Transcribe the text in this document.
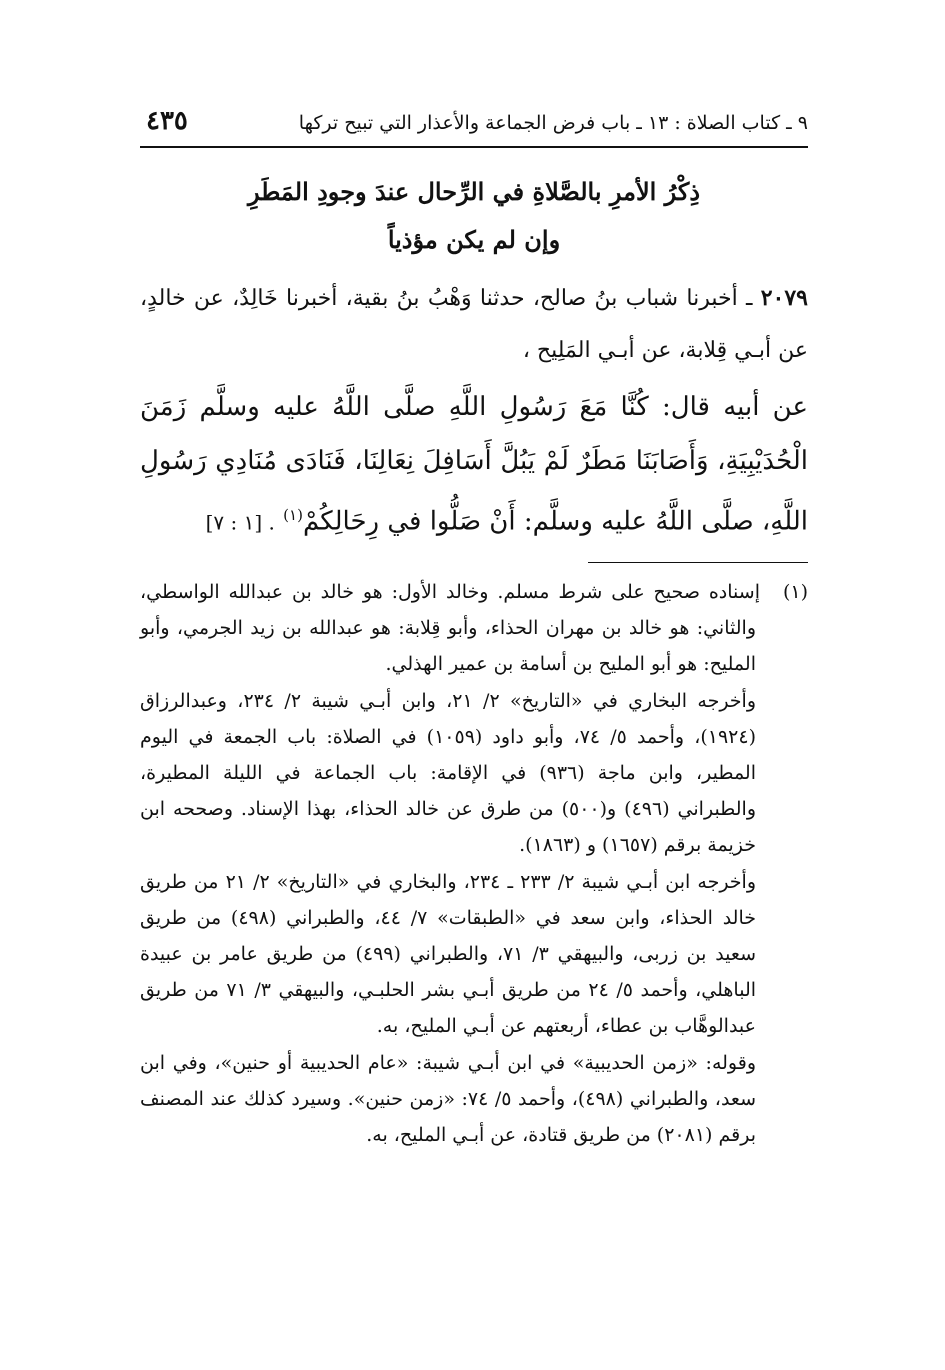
٩ ـ كتاب الصلاة : ١٣ ـ باب فرض الجماعة والأعذار التي تبيح تركها
٤٣٥
ذِكْرُ الأمرِ بالصَّلاةِ في الرِّحال عندَ وجودِ المَطَرِ
وإن لم يكن مؤذياً
٢٠٧٩ ـ أخبرنا شباب بنُ صالح، حدثنا وَهْبُ بنُ بقية، أخبرنا خَالِدٌ، عن خالدٍ، عن أبـي قِلابة، عن أبـي المَلِيح ،
عن أبيه قال: كُنَّا مَعَ رَسُولِ اللَّهِ صلَّى اللَّهُ عليه وسلَّم زَمَنَ الْحُدَيْبِيَةِ، وَأَصَابَنَا مَطَرٌ لَمْ يَبُلَّ أَسَافِلَ نِعَالِنَا، فَنَادَى مُنَادِي رَسُولِ اللَّهِ، صلَّى اللَّهُ عليه وسلَّم: أَنْ صَلُّوا في رِحَالِكُمْ$^{(١)}$ . [١ : ٧]

(١)إسناده صحيح على شرط مسلم. وخالد الأول: هو خالد بن عبدالله الواسطي، والثاني: هو خالد بن مهران الحذاء، وأبو قِلابة: هو عبدالله بن زيد الجرمي، وأبو المليح: هو أبو المليح بن أسامة بن عمير الهذلي.

وأخرجه البخاري في «التاريخ» ٢/ ٢١، وابن أبـي شيبة ٢/ ٢٣٤، وعبدالرزاق (١٩٢٤)، وأحمد ٥/ ٧٤، وأبو داود (١٠٥٩) في الصلاة: باب الجمعة في اليوم المطير، وابن ماجة (٩٣٦) في الإقامة: باب الجماعة في الليلة المطيرة، والطبراني (٤٩٦) و(٥٠٠) من طرق عن خالد الحذاء، بهذا الإسناد. وصححه ابن خزيمة برقم (١٦٥٧) و (١٨٦٣).

وأخرجه ابن أبـي شيبة ٢/ ٢٣٣ ـ ٢٣٤، والبخاري في «التاريخ» ٢/ ٢١ من طريق خالد الحذاء، وابن سعد في «الطبقات» ٧/ ٤٤، والطبراني (٤٩٨) من طريق سعيد بن زربى، والبيهقي ٣/ ٧١، والطبراني (٤٩٩) من طريق عامر بن عبيدة الباهلي، وأحمد ٥/ ٢٤ من طريق أبـي بشر الحلبـي، والبيهقي ٣/ ٧١ من طريق عبدالوهَّاب بن عطاء، أربعتهم عن أبـي المليح، به.

وقوله: «زمن الحديبية» في ابن أبـي شيبة: «عام الحديبية أو حنين»، وفي ابن سعد، والطبراني (٤٩٨)، وأحمد ٥/ ٧٤: «زمن حنين». وسيرد كذلك عند المصنف برقم (٢٠٨١) من طريق قتادة، عن أبـي المليح، به.
